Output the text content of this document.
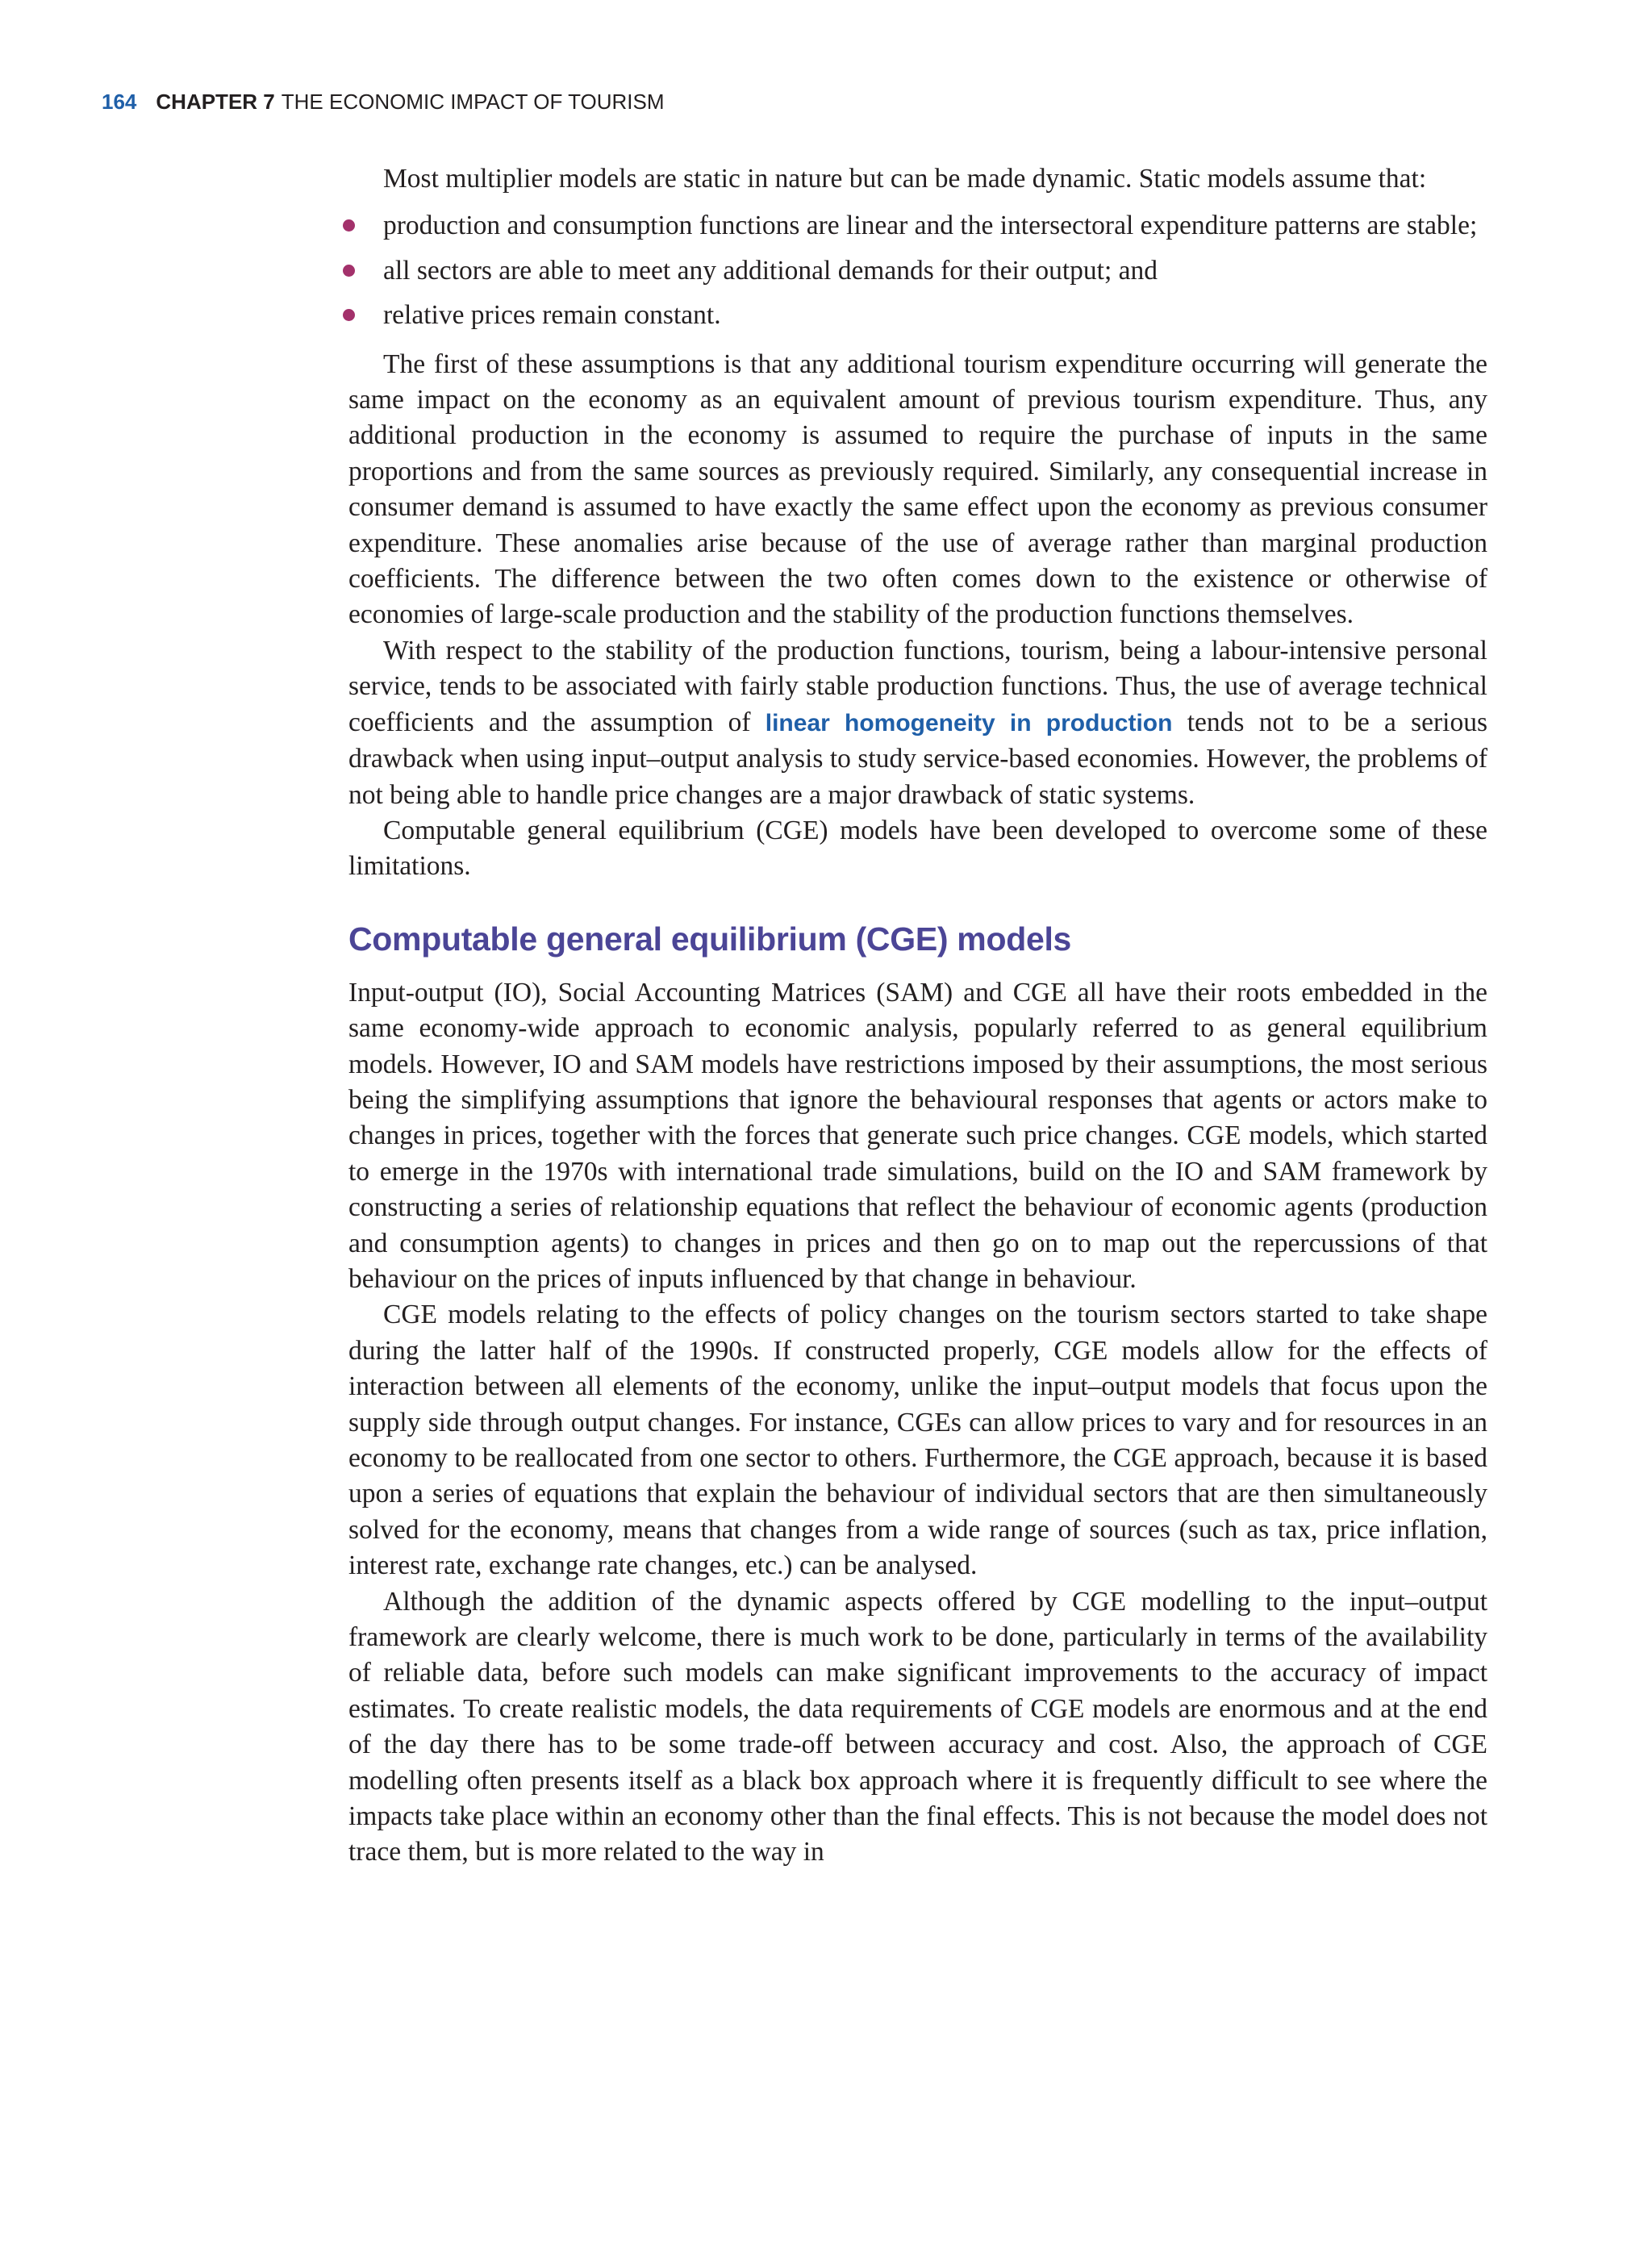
164 CHAPTER 7 THE ECONOMIC IMPACT OF TOURISM

Most multiplier models are static in nature but can be made dynamic. Static models assume that:

production and consumption functions are linear and the intersectoral expenditure patterns are stable;
all sectors are able to meet any additional demands for their output; and
relative prices remain constant.

The first of these assumptions is that any additional tourism expenditure occurring will generate the same impact on the economy as an equivalent amount of previous tourism expenditure. Thus, any additional production in the economy is assumed to require the purchase of inputs in the same proportions and from the same sources as previously required. Similarly, any consequential increase in consumer demand is assumed to have exactly the same effect upon the economy as previous consumer expenditure. These anomalies arise because of the use of average rather than marginal production coefficients. The difference between the two often comes down to the existence or otherwise of economies of large-scale production and the stability of the production functions themselves.

With respect to the stability of the production functions, tourism, being a labour-intensive personal service, tends to be associated with fairly stable production functions. Thus, the use of average technical coefficients and the assumption of linear homogeneity in production tends not to be a serious drawback when using input–output analysis to study service-based economies. However, the problems of not being able to handle price changes are a major drawback of static systems.

Computable general equilibrium (CGE) models have been developed to overcome some of these limitations.

Computable general equilibrium (CGE) models

Input-output (IO), Social Accounting Matrices (SAM) and CGE all have their roots embedded in the same economy-wide approach to economic analysis, popularly referred to as general equilibrium models. However, IO and SAM models have restrictions imposed by their assumptions, the most serious being the simplifying assumptions that ignore the behavioural responses that agents or actors make to changes in prices, together with the forces that generate such price changes. CGE models, which started to emerge in the 1970s with international trade simulations, build on the IO and SAM framework by constructing a series of relationship equations that reflect the behaviour of economic agents (production and consumption agents) to changes in prices and then go on to map out the repercussions of that behaviour on the prices of inputs influenced by that change in behaviour.

CGE models relating to the effects of policy changes on the tourism sectors started to take shape during the latter half of the 1990s. If constructed properly, CGE models allow for the effects of interaction between all elements of the economy, unlike the input–output models that focus upon the supply side through output changes. For instance, CGEs can allow prices to vary and for resources in an economy to be reallocated from one sector to others. Furthermore, the CGE approach, because it is based upon a series of equations that explain the behaviour of individual sectors that are then simultaneously solved for the economy, means that changes from a wide range of sources (such as tax, price inflation, interest rate, exchange rate changes, etc.) can be analysed.

Although the addition of the dynamic aspects offered by CGE modelling to the input–output framework are clearly welcome, there is much work to be done, particularly in terms of the availability of reliable data, before such models can make significant improvements to the accuracy of impact estimates. To create realistic models, the data requirements of CGE models are enormous and at the end of the day there has to be some trade-off between accuracy and cost. Also, the approach of CGE modelling often presents itself as a black box approach where it is frequently difficult to see where the impacts take place within an economy other than the final effects. This is not because the model does not trace them, but is more related to the way in
